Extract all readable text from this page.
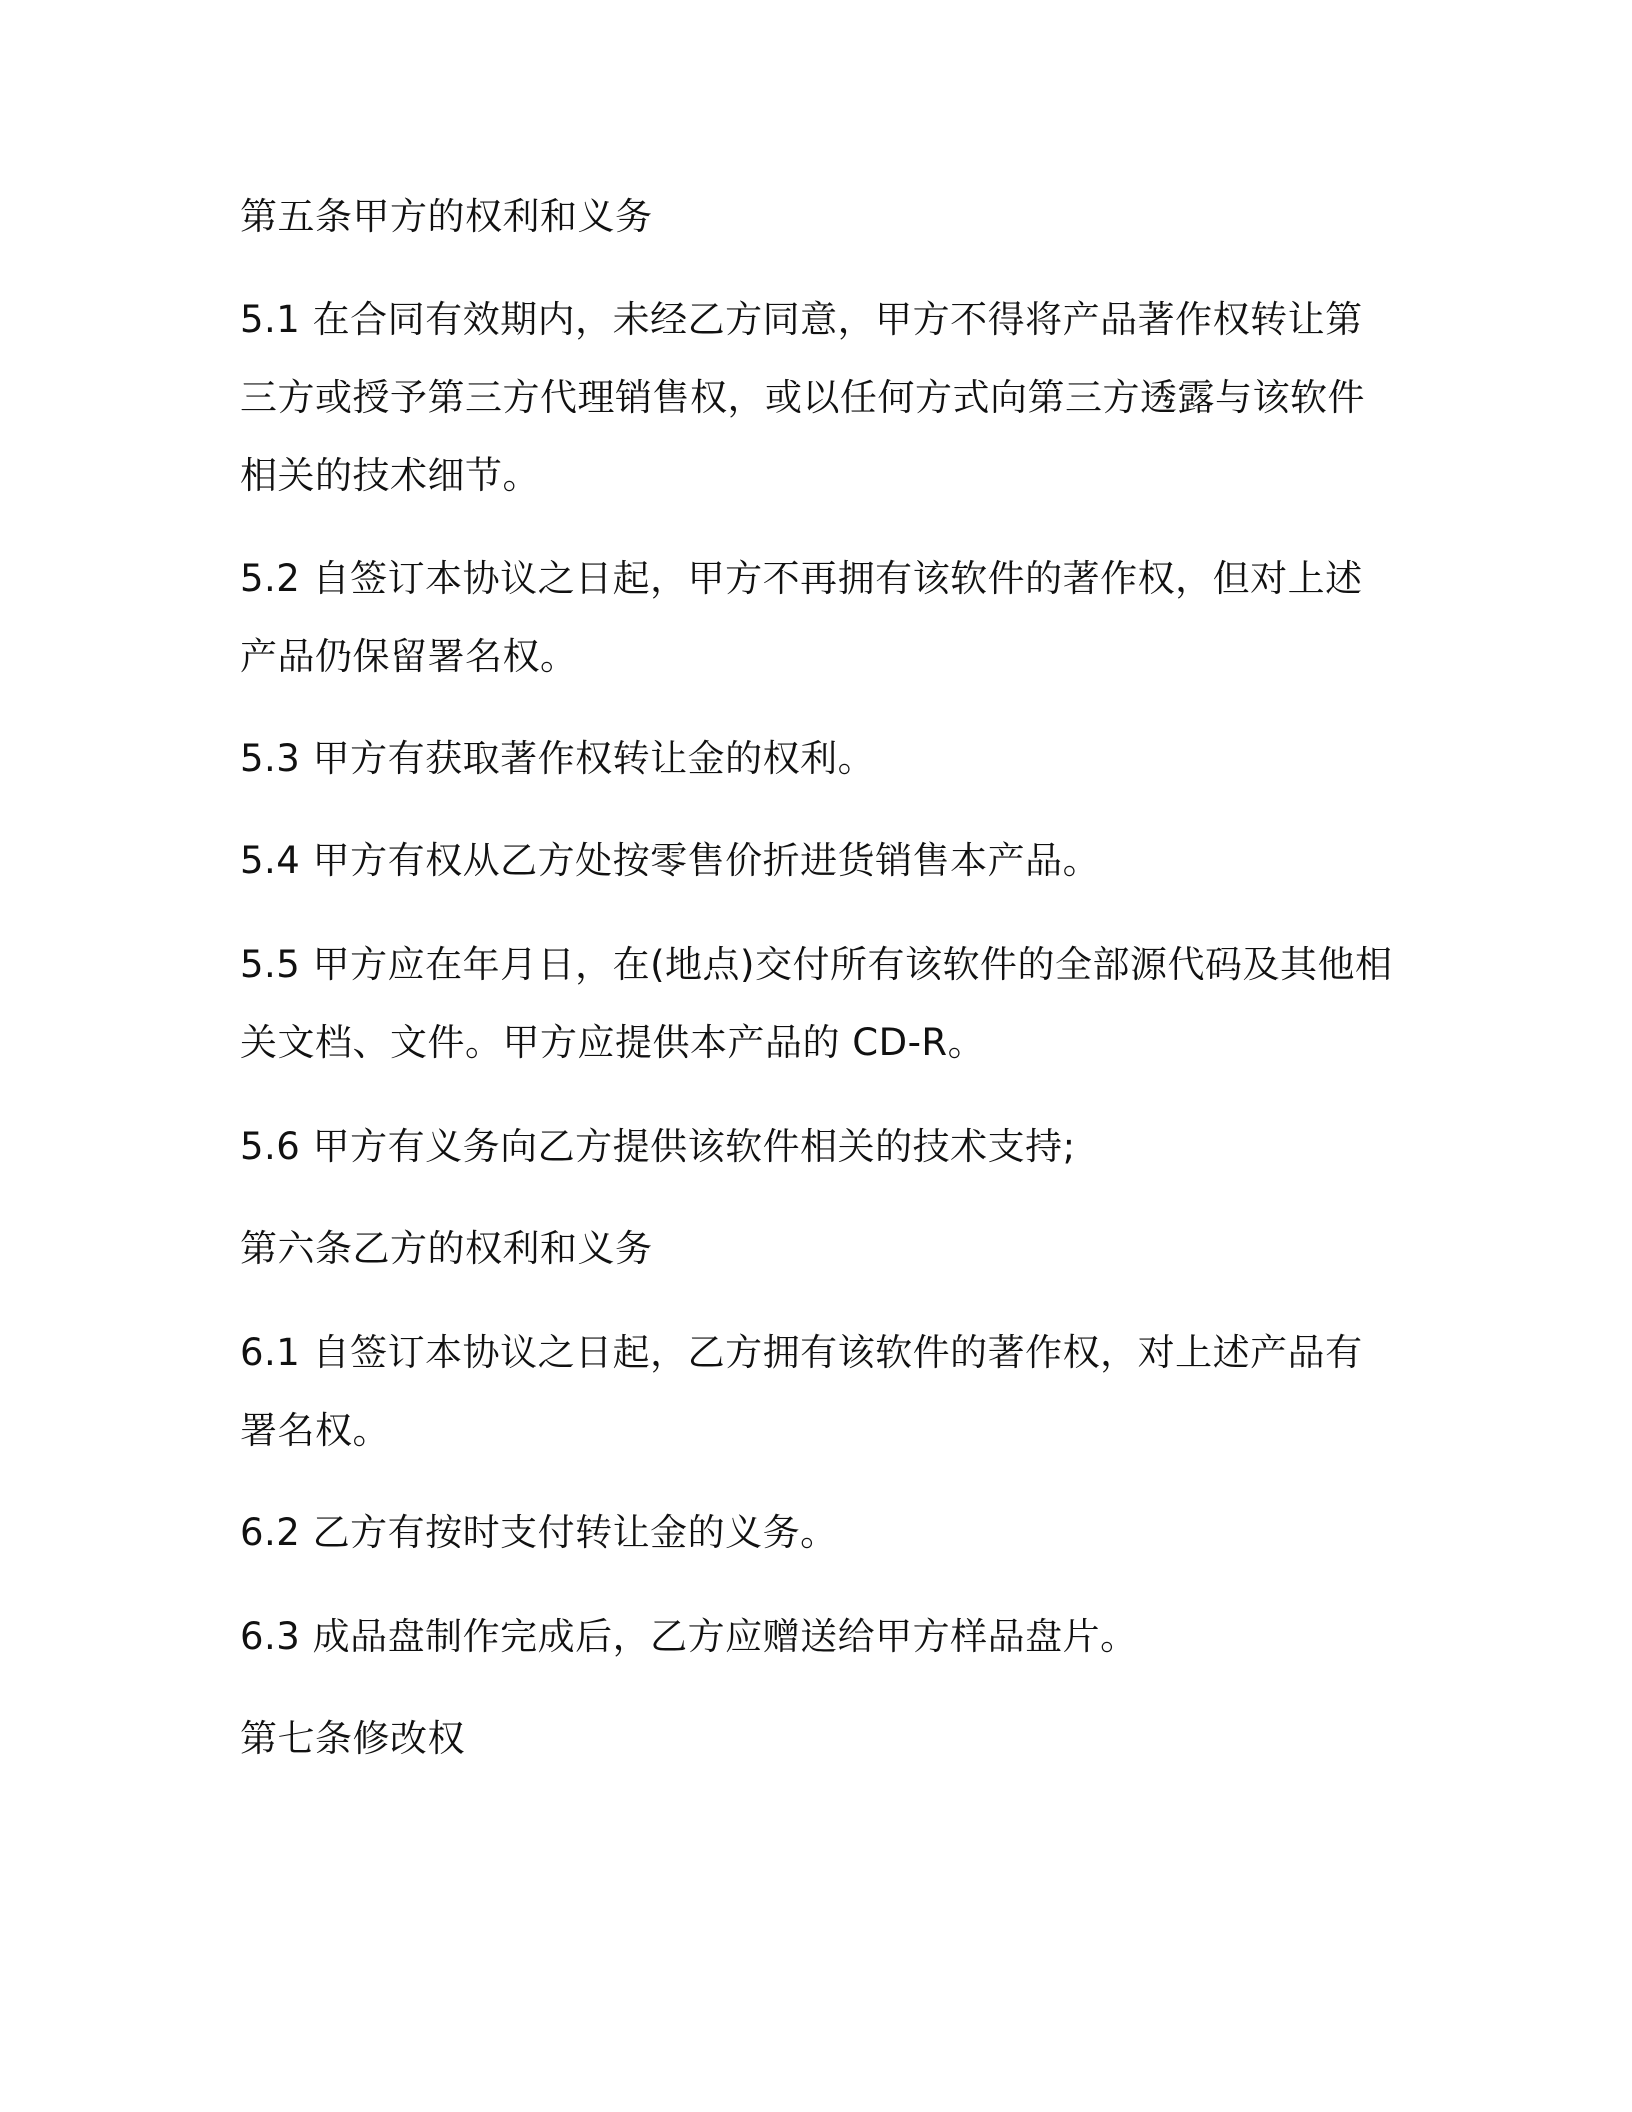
第五条甲方的权利和义务

5.1 在合同有效期内，未经乙方同意，甲方不得将产品著作权转让第三方或授予第三方代理销售权，或以任何方式向第三方透露与该软件相关的技术细节。

5.2 自签订本协议之日起，甲方不再拥有该软件的著作权，但对上述产品仍保留署名权。

5.3 甲方有获取著作权转让金的权利。

5.4 甲方有权从乙方处按零售价折进货销售本产品。

5.5 甲方应在年月日，在(地点)交付所有该软件的全部源代码及其他相关文档、文件。甲方应提供本产品的 CD-R。

5.6 甲方有义务向乙方提供该软件相关的技术支持;

第六条乙方的权利和义务

6.1 自签订本协议之日起，乙方拥有该软件的著作权，对上述产品有署名权。

6.2 乙方有按时支付转让金的义务。

6.3 成品盘制作完成后，乙方应赠送给甲方样品盘片。

第七条修改权
